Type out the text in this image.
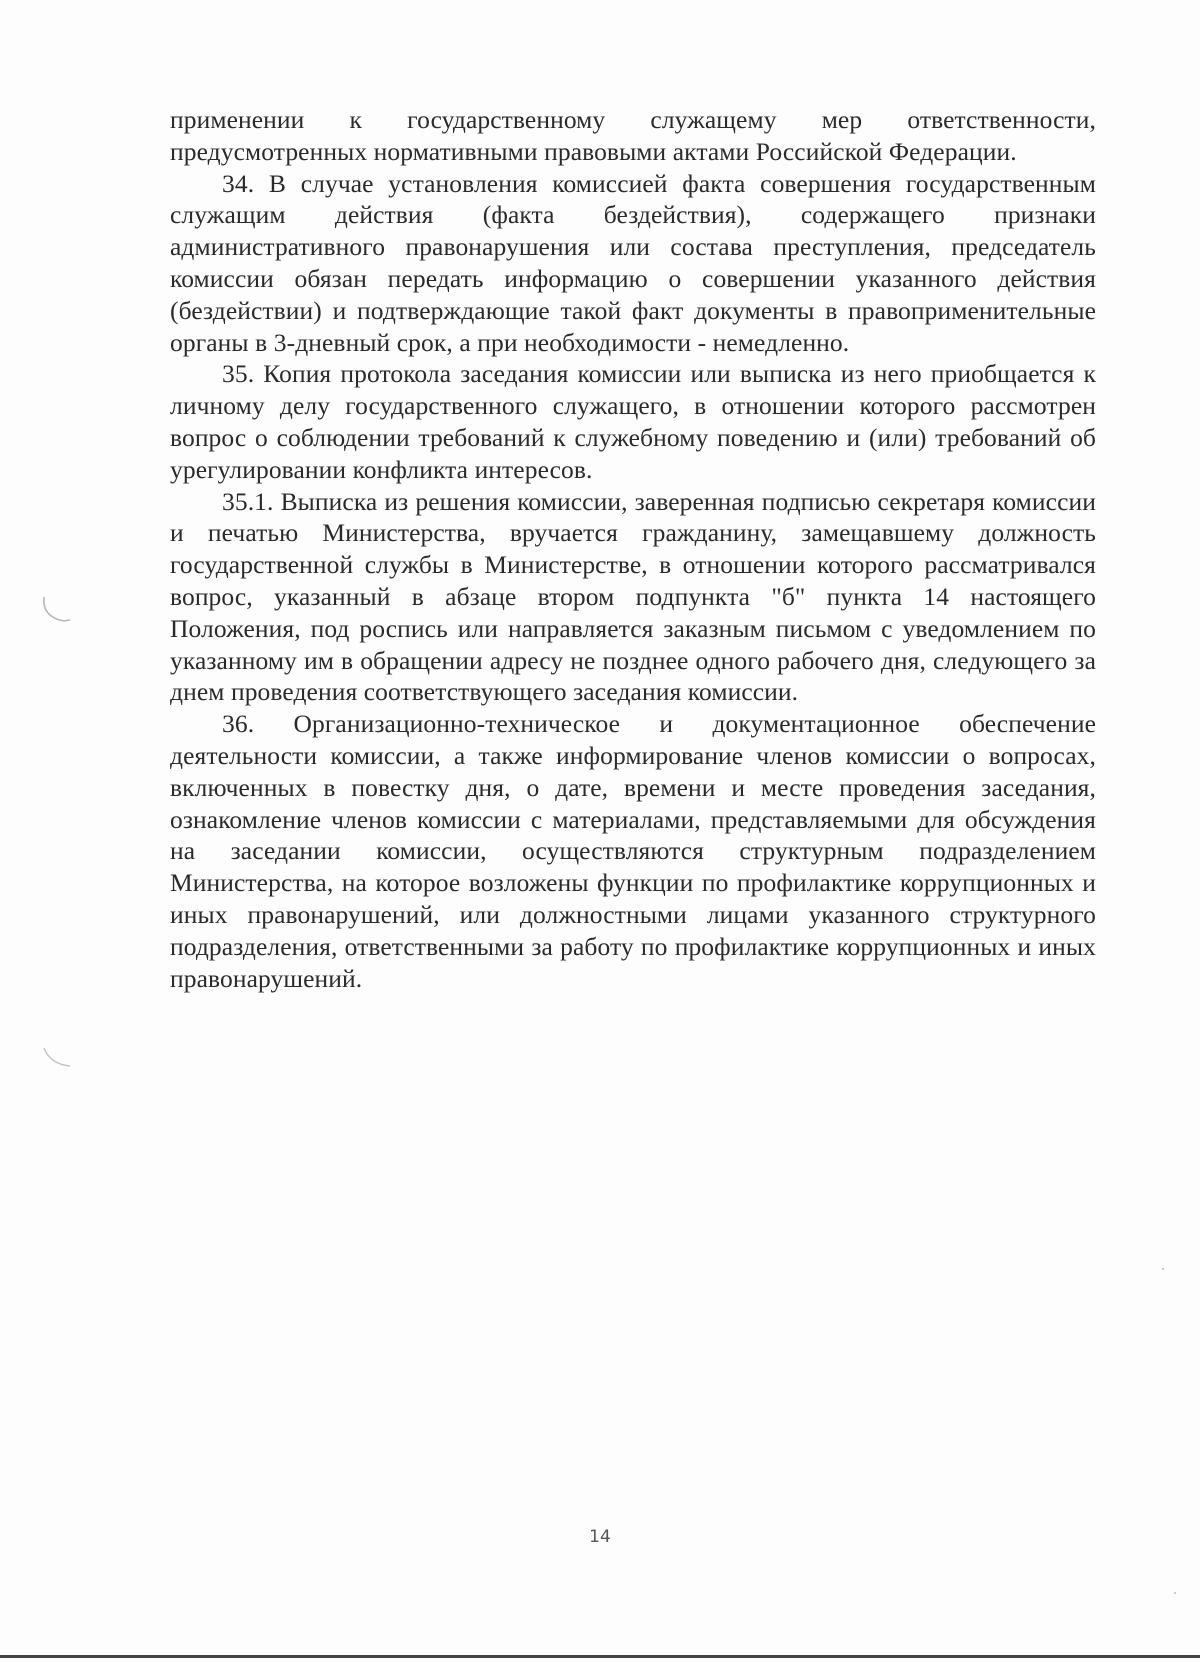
применении к государственному служащему мер ответственности, предусмотренных нормативными правовыми актами Российской Федерации.

34. В случае установления комиссией факта совершения государственным служащим действия (факта бездействия), содержащего признаки административного правонарушения или состава преступления, председатель комиссии обязан передать информацию о совершении указанного действия (бездействии) и подтверждающие такой факт документы в правоприменительные органы в 3-дневный срок, а при необходимости - немедленно.

35. Копия протокола заседания комиссии или выписка из него приобщается к личному делу государственного служащего, в отношении которого рассмотрен вопрос о соблюдении требований к служебному поведению и (или) требований об урегулировании конфликта интересов.

35.1. Выписка из решения комиссии, заверенная подписью секретаря комиссии и печатью Министерства, вручается гражданину, замещавшему должность государственной службы в Министерстве, в отношении которого рассматривался вопрос, указанный в абзаце втором подпункта "б" пункта 14 настоящего Положения, под роспись или направляется заказным письмом с уведомлением по указанному им в обращении адресу не позднее одного рабочего дня, следующего за днем проведения соответствующего заседания комиссии.

36. Организационно-техническое и документационное обеспечение деятельности комиссии, а также информирование членов комиссии о вопросах, включенных в повестку дня, о дате, времени и месте проведения заседания, ознакомление членов комиссии с материалами, представляемыми для обсуждения на заседании комиссии, осуществляются структурным подразделением Министерства, на которое возложены функции по профилактике коррупционных и иных правонарушений, или должностными лицами указанного структурного подразделения, ответственными за работу по профилактике коррупционных и иных правонарушений.

14
